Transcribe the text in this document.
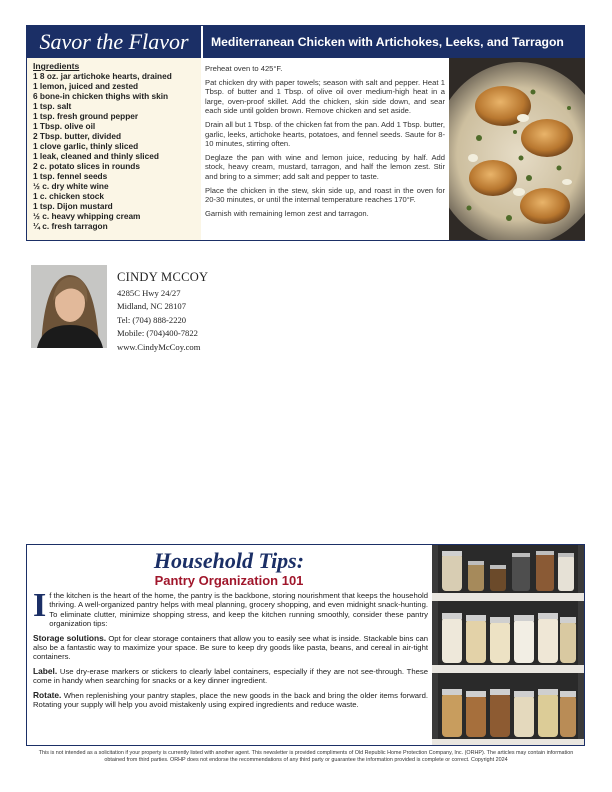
Savor the Flavor	Mediterranean Chicken with Artichokes, Leeks, and Tarragon
Ingredients
1 8 oz. jar artichoke hearts, drained
1 lemon, juiced and zested
6 bone-in chicken thighs with skin
1 tsp. salt
1 tsp. fresh ground pepper
1 Tbsp. olive oil
2 Tbsp. butter, divided
1 clove garlic, thinly sliced
1 leak, cleaned and thinly sliced
2 c. potato slices in rounds
1 tsp. fennel seeds
½ c. dry white wine
1 c. chicken stock
1 tsp. Dijon mustard
½ c. heavy whipping cream
¼ c. fresh tarragon

Preheat oven to 425°F.

Pat chicken dry with paper towels; season with salt and pepper. Heat 1 Tbsp. of butter and 1 Tbsp. of olive oil over medium-high heat in a large, oven-proof skillet. Add the chicken, skin side down, and sear each side until golden brown. Remove chicken and set aside.

Drain all but 1 Tbsp. of the chicken fat from the pan. Add 1 Tbsp. butter, garlic, leeks, artichoke hearts, potatoes, and fennel seeds. Saute for 8-10 minutes, stirring often.

Deglaze the pan with wine and lemon juice, reducing by half. Add stock, heavy cream, mustard, tarragon, and half the lemon zest. Stir and bring to a simmer; add salt and pepper to taste.

Place the chicken in the stew, skin side up, and roast in the oven for 20-30 minutes, or until the internal temperature reaches 170°F.

Garnish with remaining lemon zest and tarragon.

CINDY MCCOY
4285C Hwy 24/27
Midland, NC 28107
Tel: (704) 888-2220
Mobile: (704)400-7822
www.CindyMcCoy.com
Household Tips:
Pantry Organization 101

If the kitchen is the heart of the home, the pantry is the backbone, storing nourishment that keeps the household thriving. A well-organized pantry helps with meal planning, grocery shopping, and even midnight snack-hunting. To eliminate clutter, minimize shopping stress, and keep the kitchen running smoothly, consider these pantry organization tips:

Storage solutions. Opt for clear storage containers that allow you to easily see what is inside. Stackable bins can also be a fantastic way to maximize your space. Be sure to keep dry goods like pasta, beans, and cereal in air-tight containers.

Label. Use dry-erase markers or stickers to clearly label containers, especially if they are not see-through. These come in handy when searching for snacks or a key dinner ingredient.

Rotate. When replenishing your pantry staples, place the new goods in the back and bring the older items forward. Rotating your supply will help you avoid mistakenly using expired ingredients and reduce waste.

This is not intended as a solicitation if your property is currently listed with another agent. This newsletter is provided compliments of Old Republic Home Protection Company, Inc. (ORHP). The articles may contain information obtained from third parties. ORHP does not endorse the recommendations of any third party or guarantee the information provided is complete or correct. Copyright 2024
